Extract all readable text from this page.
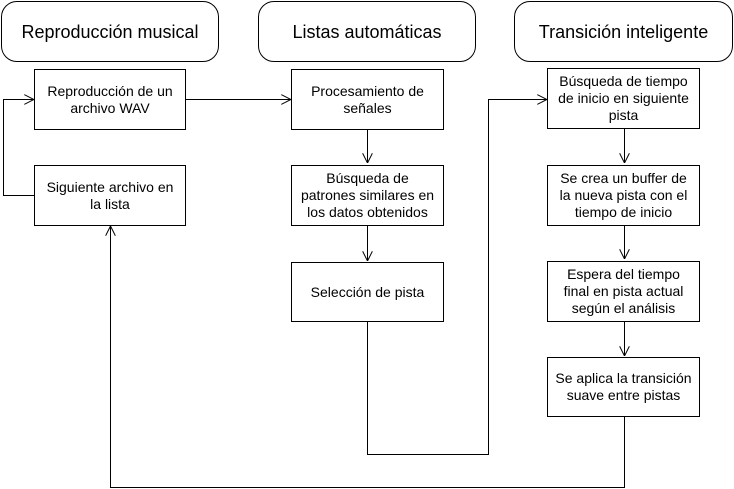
Reproducción musical	Listas automáticas	Transición inteligente
Reproducción de un
archivo WAV
Siguiente archivo en
la lista
Procesamiento de
señales
Búsqueda de
patrones similares en
los datos obtenidos
Selección de pista
Búsqueda de tiempo
de inicio en siguiente
pista
Se crea un buffer de
la nueva pista con el
tiempo de inicio
Espera del tiempo
final en pista actual
según el análisis
Se aplica la transición
suave entre pistas
